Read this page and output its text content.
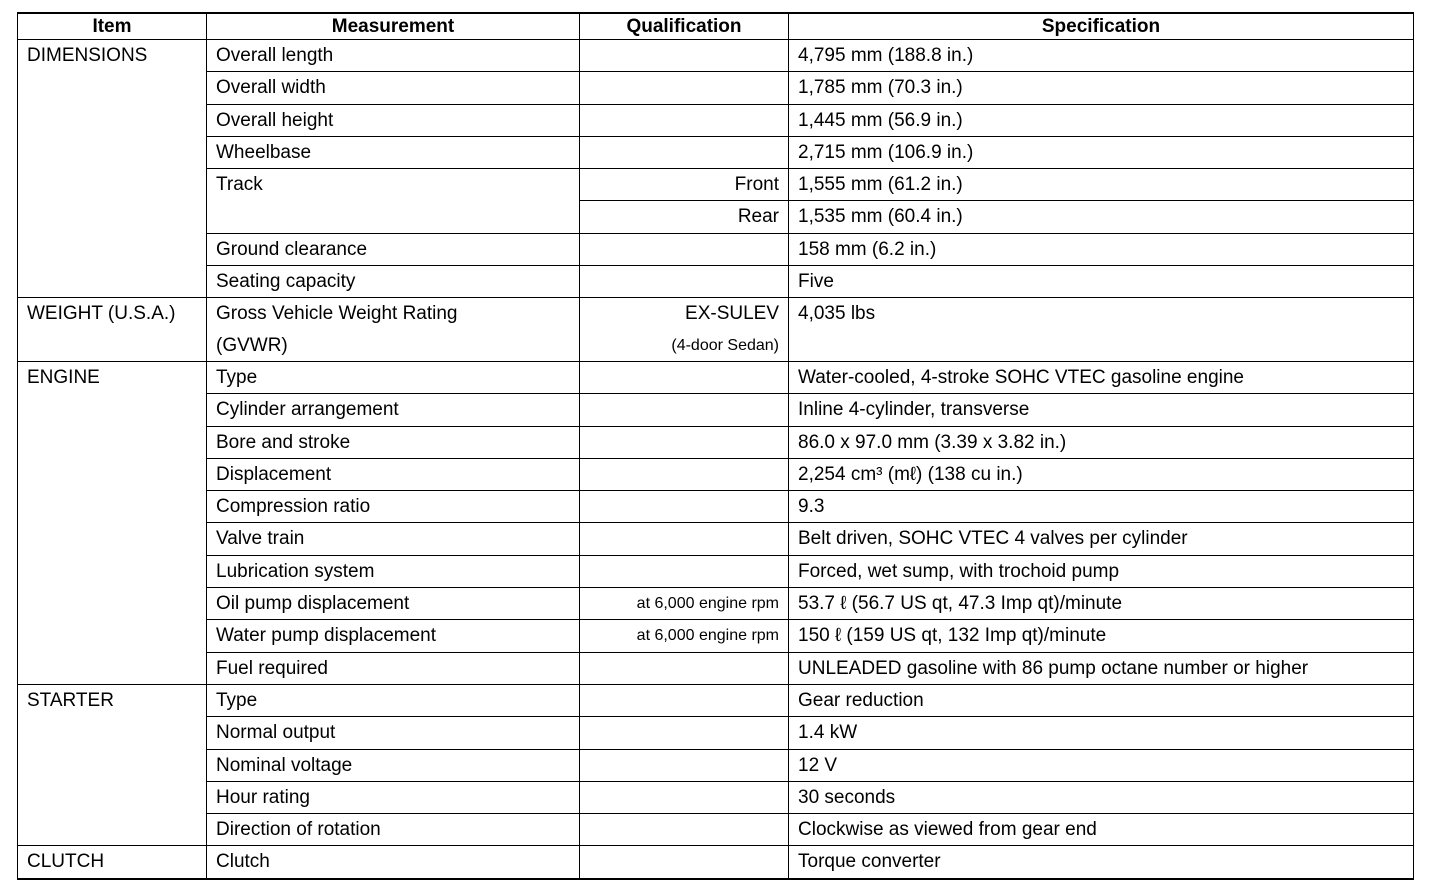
Item	Measurement	Qualification	Specification
DIMENSIONS	Overall length		4,795 mm (188.8 in.)
	Overall width		1,785 mm (70.3 in.)
	Overall height		1,445 mm (56.9 in.)
	Wheelbase		2,715 mm (106.9 in.)
	Track	Front	1,555 mm (61.2 in.)
		Rear	1,535 mm (60.4 in.)
	Ground clearance		158 mm (6.2 in.)
	Seating capacity		Five
WEIGHT (U.S.A.)	Gross Vehicle Weight Rating	EX-SULEV	4,035 lbs
	(GVWR)	(4-door Sedan)	
ENGINE	Type		Water-cooled, 4-stroke SOHC VTEC gasoline engine
	Cylinder arrangement		Inline 4-cylinder, transverse
	Bore and stroke		86.0 x 97.0 mm (3.39 x 3.82 in.)
	Displacement		2,254 cm³ (mℓ) (138 cu in.)
	Compression ratio		9.3
	Valve train		Belt driven, SOHC VTEC 4 valves per cylinder
	Lubrication system		Forced, wet sump, with trochoid pump
	Oil pump displacement	at 6,000 engine rpm	53.7 ℓ (56.7 US qt, 47.3 Imp qt)/minute
	Water pump displacement	at 6,000 engine rpm	150 ℓ (159 US qt, 132 Imp qt)/minute
	Fuel required		UNLEADED gasoline with 86 pump octane number or higher
STARTER	Type		Gear reduction
	Normal output		1.4 kW
	Nominal voltage		12 V
	Hour rating		30 seconds
	Direction of rotation		Clockwise as viewed from gear end
CLUTCH	Clutch		Torque converter
